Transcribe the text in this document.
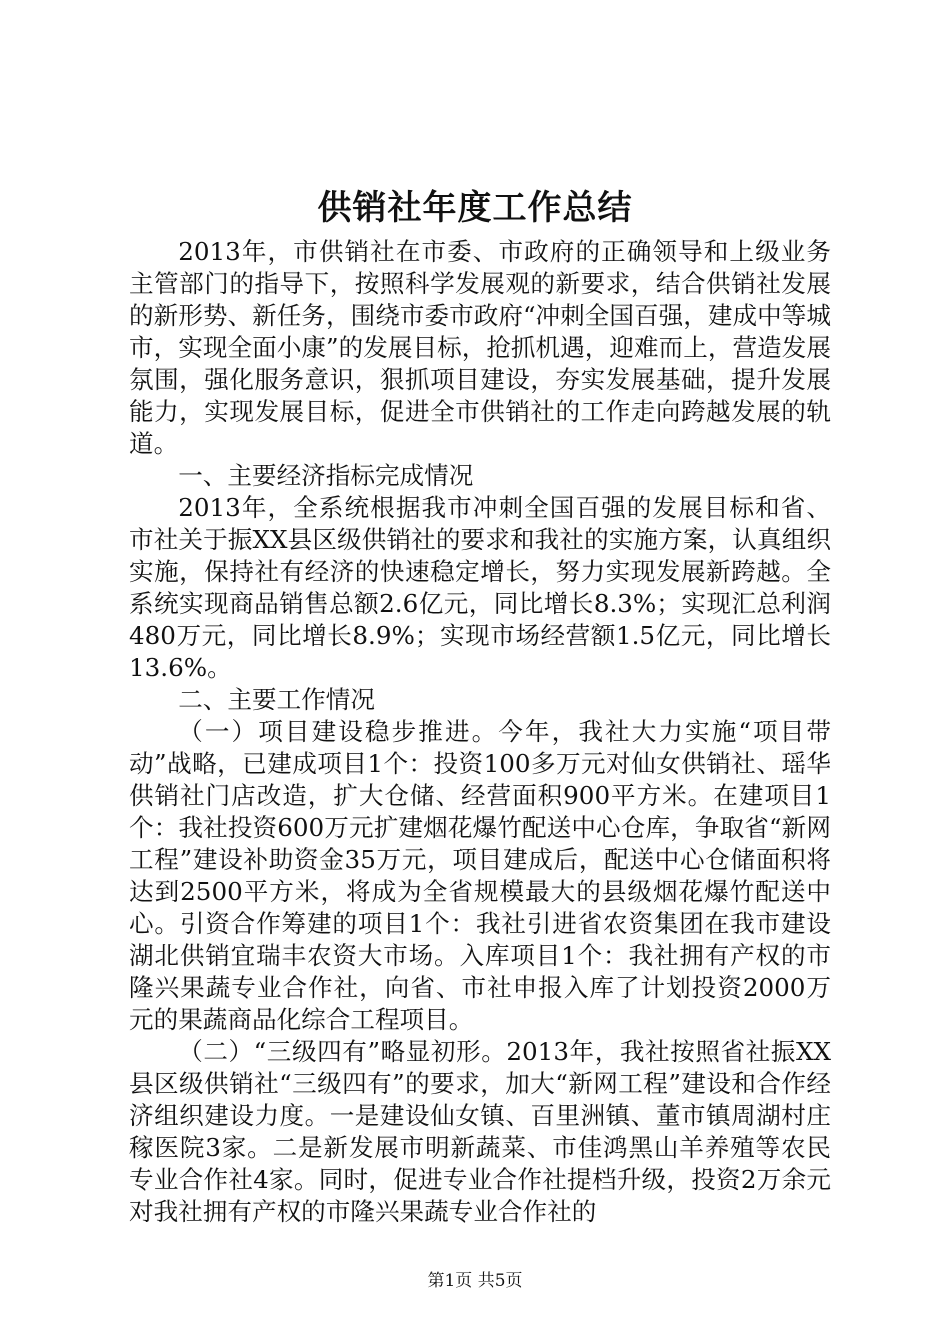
供销社年度工作总结

2013年，市供销社在市委、市政府的正确领导和上级业务主管部门的指导下，按照科学发展观的新要求，结合供销社发展的新形势、新任务，围绕市委市政府“冲刺全国百强，建成中等城市，实现全面小康”的发展目标，抢抓机遇，迎难而上，营造发展氛围，强化服务意识，狠抓项目建设，夯实发展基础，提升发展能力，实现发展目标，促进全市供销社的工作走向跨越发展的轨道。

一、主要经济指标完成情况

2013年，全系统根据我市冲刺全国百强的发展目标和省、市社关于振XX县区级供销社的要求和我社的实施方案，认真组织实施，保持社有经济的快速稳定增长，努力实现发展新跨越。全系统实现商品销售总额2.6亿元，同比增长8.3%；实现汇总利润480万元，同比增长8.9%；实现市场经营额1.5亿元，同比增长13.6%。

二、主要工作情况

（一）项目建设稳步推进。今年，我社大力实施“项目带动”战略，已建成项目1个：投资100多万元对仙女供销社、瑶华供销社门店改造，扩大仓储、经营面积900平方米。在建项目1个：我社投资600万元扩建烟花爆竹配送中心仓库，争取省“新网工程”建设补助资金35万元，项目建成后，配送中心仓储面积将达到2500平方米，将成为全省规模最大的县级烟花爆竹配送中心。引资合作筹建的项目1个：我社引进省农资集团在我市建设湖北供销宜瑞丰农资大市场。入库项目1个：我社拥有产权的市隆兴果蔬专业合作社，向省、市社申报入库了计划投资2000万元的果蔬商品化综合工程项目。

（二）“三级四有”略显初形。2013年，我社按照省社振XX县区级供销社“三级四有”的要求，加大“新网工程”建设和合作经济组织建设力度。一是建设仙女镇、百里洲镇、董市镇周湖村庄稼医院3家。二是新发展市明新蔬菜、市佳鸿黑山羊养殖等农民专业合作社4家。同时，促进专业合作社提档升级，投资2万余元对我社拥有产权的市隆兴果蔬专业合作社的

第1页 共5页
